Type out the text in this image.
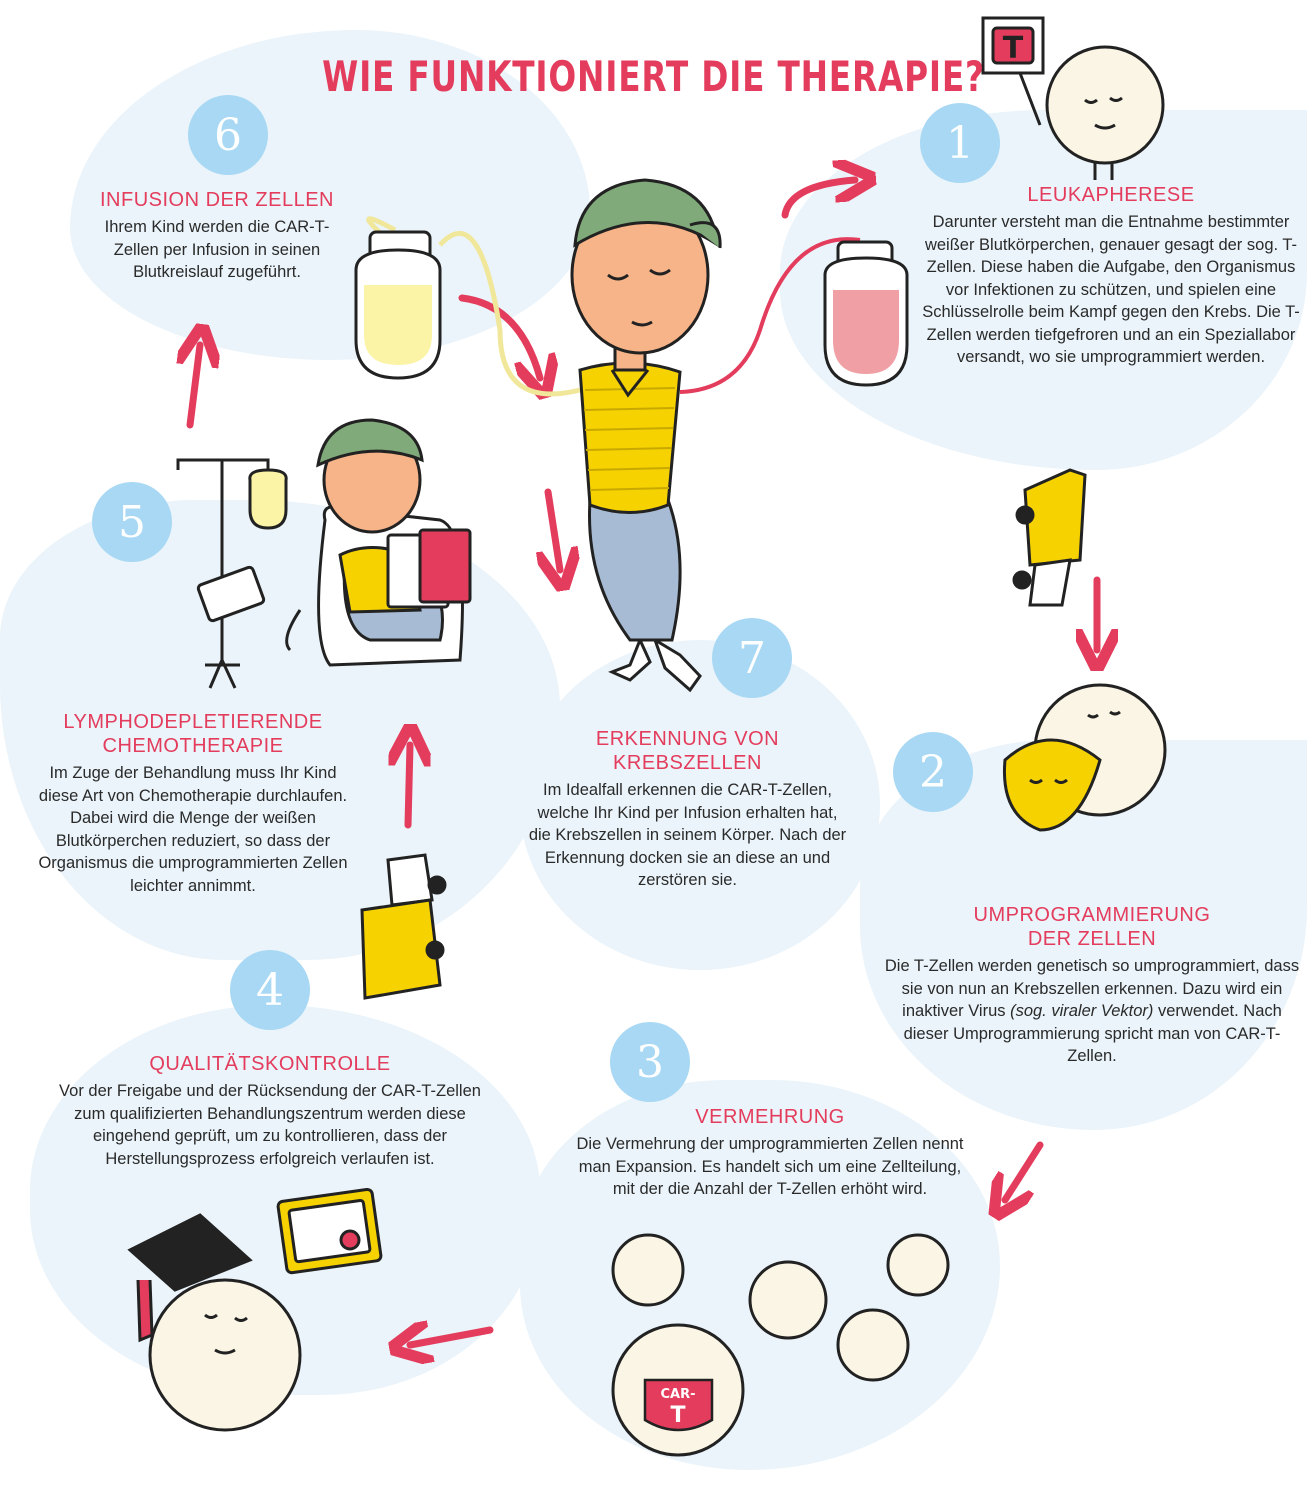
T
CAR-
T
WIE FUNKTIONIERT DIE THERAPIE?
6	1
5
7
2
4
3
INFUSION DER ZELLEN

Ihrem Kind werden die CAR-T-Zellen per Infusion in seinen Blutkreislauf zugeführt.

LEUKAPHERESE

Darunter versteht man die Entnahme bestimmter weißer Blutkörperchen, genauer gesagt der sog. T-Zellen. Diese haben die Aufgabe, den Organismus vor Infektionen zu schützen, und spielen eine Schlüsselrolle beim Kampf gegen den Krebs. Die T-Zellen werden tiefgefroren und an ein Speziallabor versandt, wo sie umprogrammiert werden.

LYMPHODEPLETIERENDE
CHEMOTHERAPIE

Im Zuge der Behandlung muss Ihr Kind diese Art von Chemotherapie durchlaufen. Dabei wird die Menge der weißen Blutkörperchen reduziert, so dass der Organismus die umprogrammierten Zellen leichter annimmt.

ERKENNUNG VON
KREBSZELLEN

Im Idealfall erkennen die CAR-T-Zellen, welche Ihr Kind per Infusion erhalten hat, die Krebszellen in seinem Körper. Nach der Erkennung docken sie an diese an und zerstören sie.

UMPROGRAMMIERUNG
DER ZELLEN

Die T-Zellen werden genetisch so umprogrammiert, dass sie von nun an Krebszellen erkennen. Dazu wird ein inaktiver Virus (sog. viraler Vektor) verwendet. Nach dieser Umprogrammierung spricht man von CAR-T-Zellen.

QUALITÄTSKONTROLLE

Vor der Freigabe und der Rücksendung der CAR-T-Zellen zum qualifizierten Behandlungszentrum werden diese eingehend geprüft, um zu kontrollieren, dass der Herstellungsprozess erfolgreich verlaufen ist.

VERMEHRUNG

Die Vermehrung der umprogrammierten Zellen nennt man Expansion. Es handelt sich um eine Zellteilung, mit der die Anzahl der T-Zellen erhöht wird.
